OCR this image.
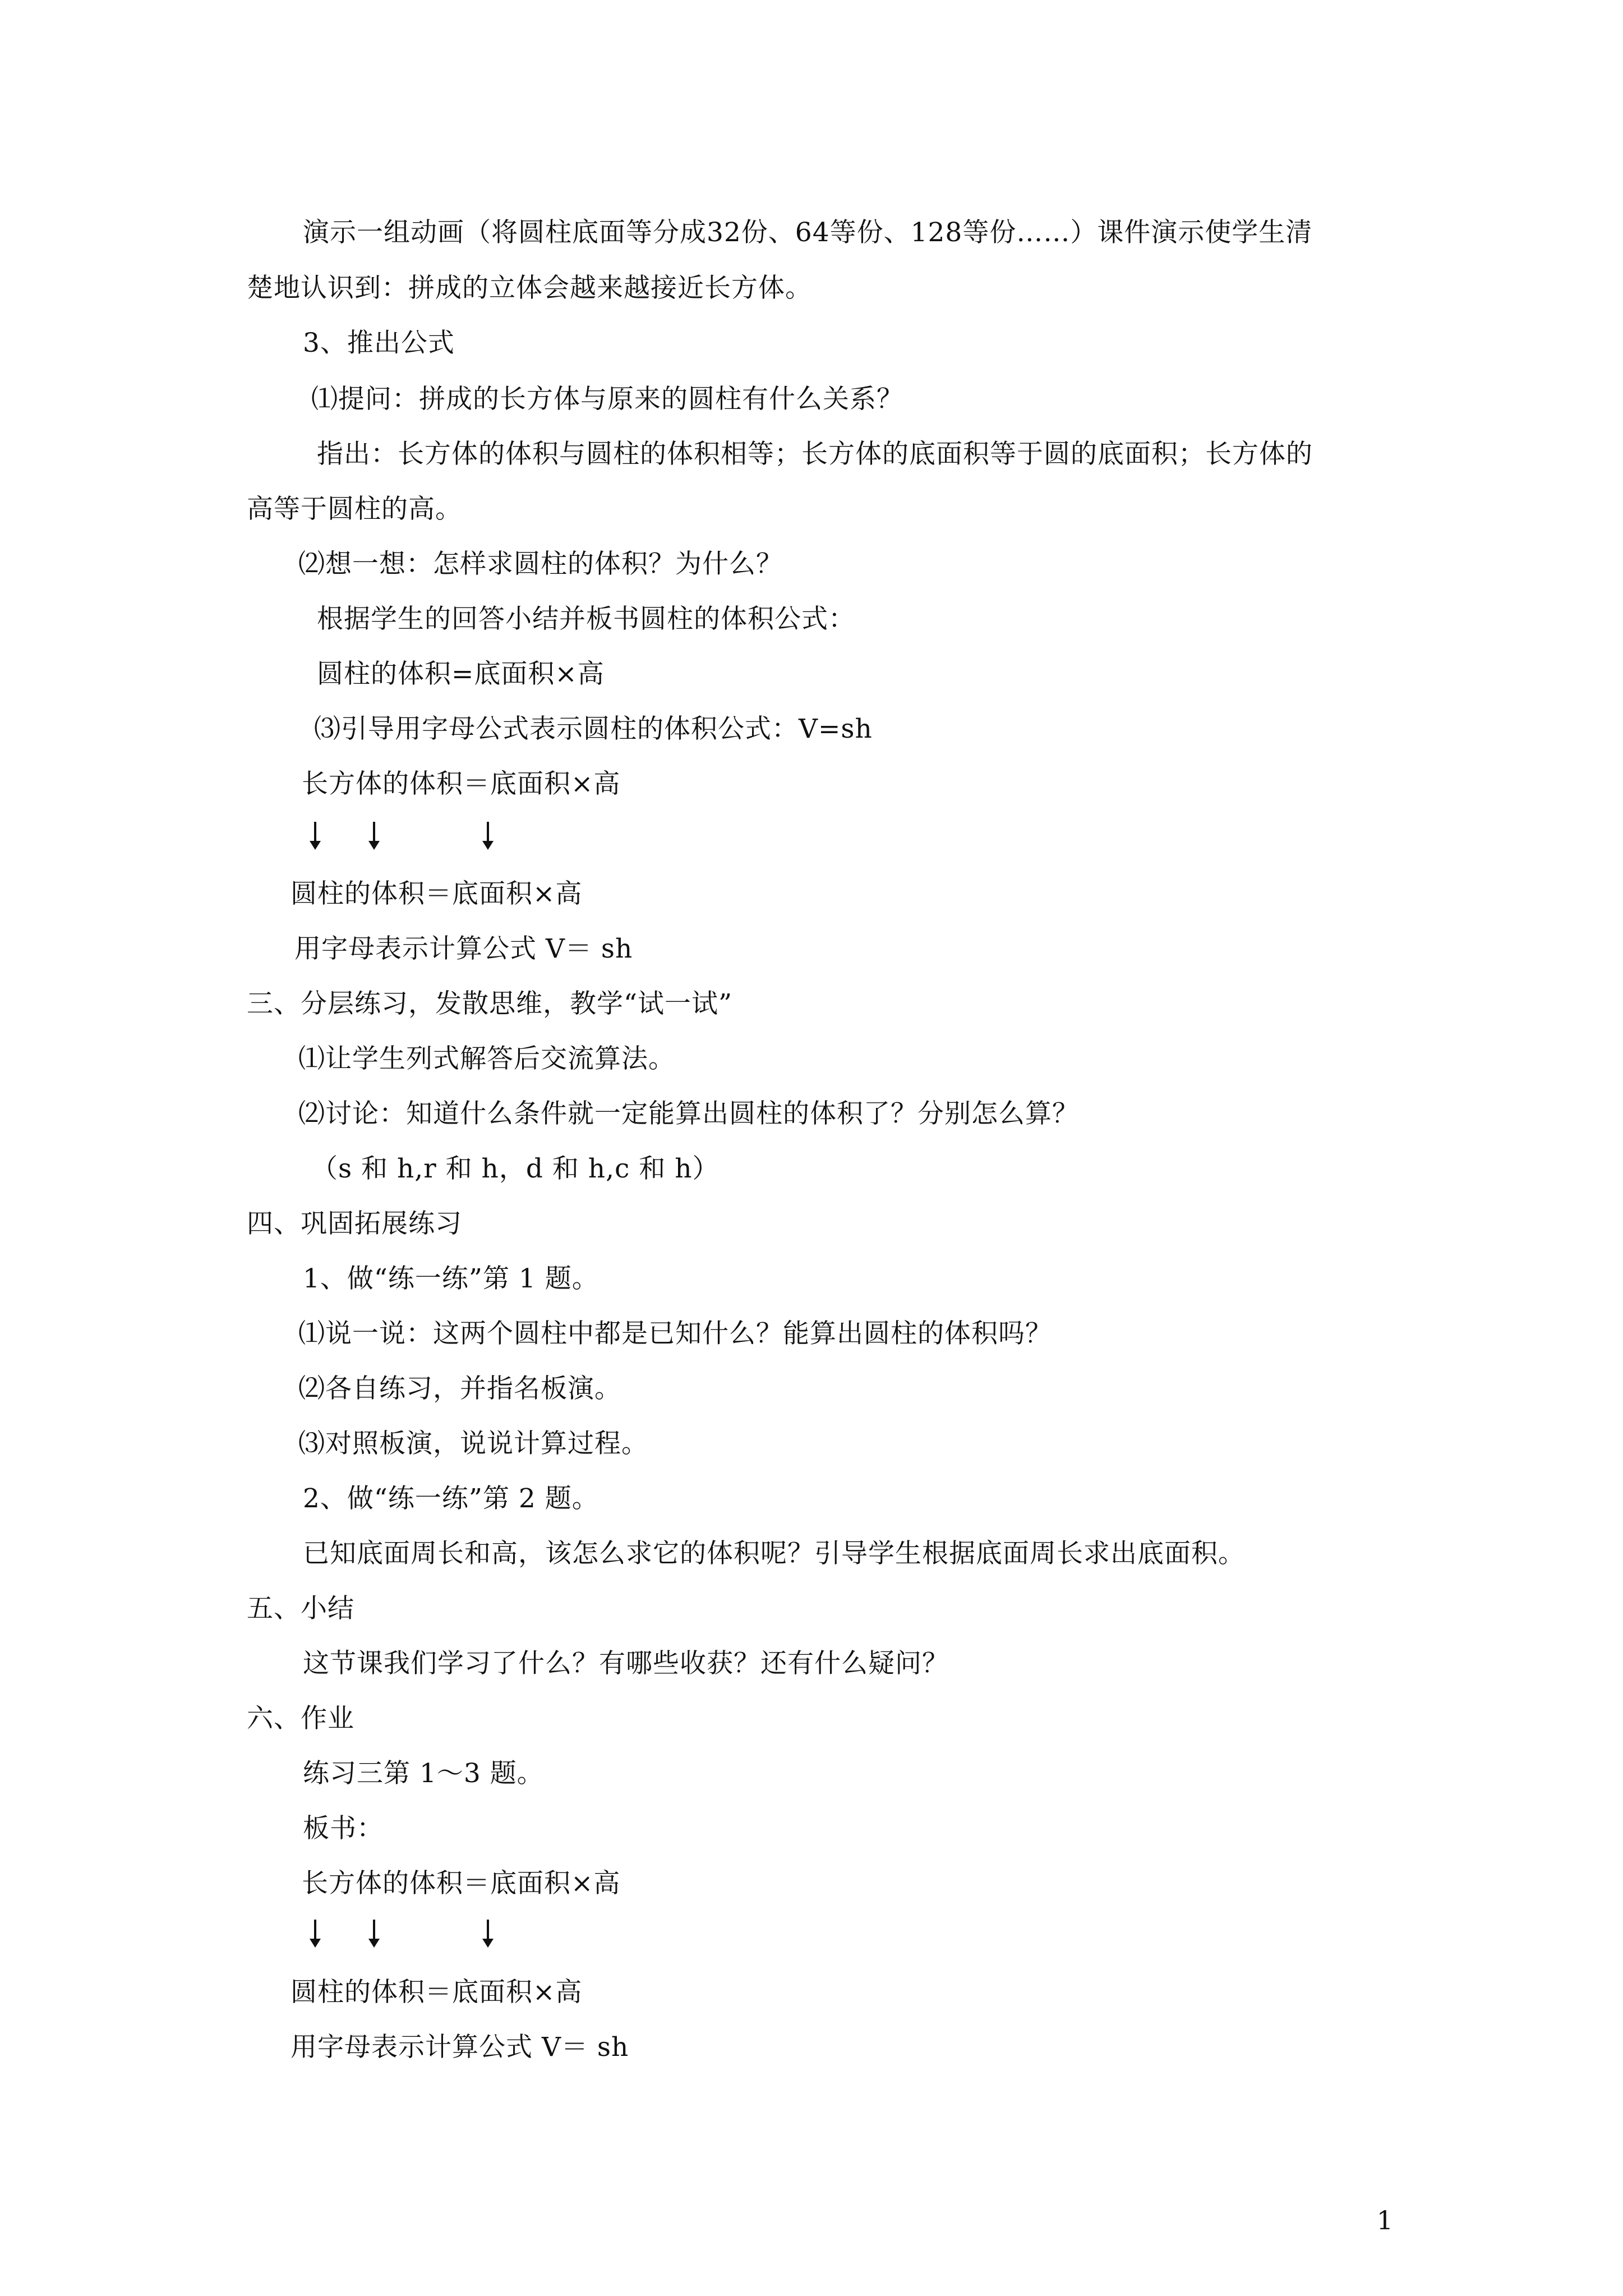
演示一组动画（将圆柱底面等分成32份、64等份、128等份……）课件演示使学生清
楚地认识到：拼成的立体会越来越接近长方体。
3、推出公式
⑴提问：拼成的长方体与原来的圆柱有什么关系？
指出：长方体的体积与圆柱的体积相等；长方体的底面积等于圆的底面积；长方体的
高等于圆柱的高。
⑵想一想：怎样求圆柱的体积？为什么？
根据学生的回答小结并板书圆柱的体积公式：
圆柱的体积=底面积×高
⑶引导用字母公式表示圆柱的体积公式：V=sh
长方体的体积＝底面积×高
圆柱的体积＝底面积×高
用字母表示计算公式 V＝ sh
三、分层练习，发散思维，教学“试一试”
⑴让学生列式解答后交流算法。
⑵讨论：知道什么条件就一定能算出圆柱的体积了？分别怎么算？
（s 和 h,r 和 h，d 和 h,c 和 h）
四、巩固拓展练习
1、做“练一练”第 1 题。
⑴说一说：这两个圆柱中都是已知什么？能算出圆柱的体积吗？
⑵各自练习，并指名板演。
⑶对照板演，说说计算过程。
2、做“练一练”第 2 题。
已知底面周长和高，该怎么求它的体积呢？引导学生根据底面周长求出底面积。
五、小结
这节课我们学习了什么？有哪些收获？还有什么疑问？
六、作业
练习三第 1～3 题。
板书：
长方体的体积＝底面积×高
圆柱的体积＝底面积×高
用字母表示计算公式 V＝ sh
1
